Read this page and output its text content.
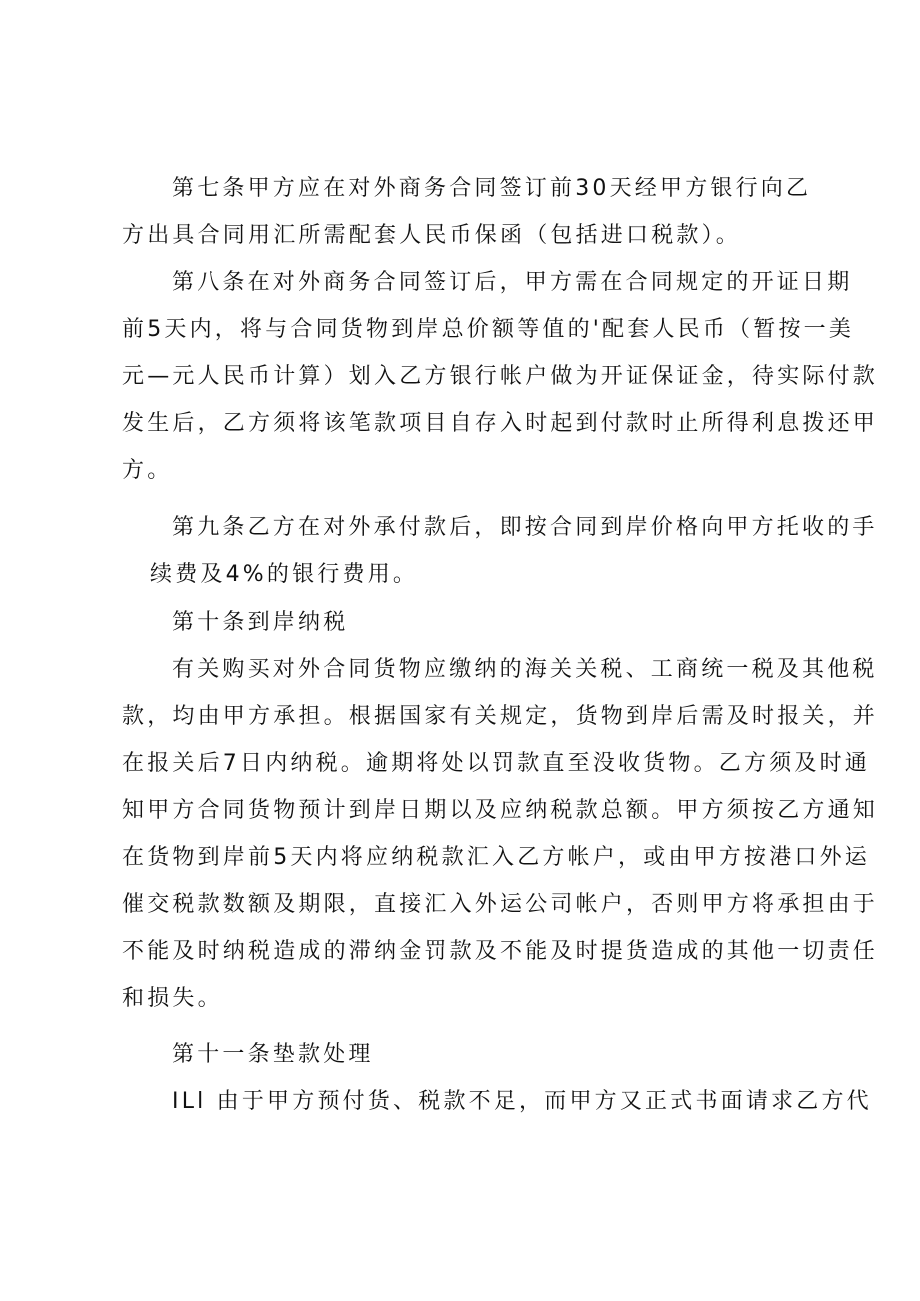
第七条甲方应在对外商务合同签订前30天经甲方银行向乙
方出具合同用汇所需配套人民币保函（包括进口税款）。
第八条在对外商务合同签订后，甲方需在合同规定的开证日期
前5天内，将与合同货物到岸总价额等值的'配套人民币（暂按一美
元—元人民币计算）划入乙方银行帐户做为开证保证金，待实际付款
发生后，乙方须将该笔款项目自存入时起到付款时止所得利息拨还甲
方。
第九条乙方在对外承付款后，即按合同到岸价格向甲方托收的手
续费及4%的银行费用。
第十条到岸纳税
有关购买对外合同货物应缴纳的海关关税、工商统一税及其他税
款，均由甲方承担。根据国家有关规定，货物到岸后需及时报关，并
在报关后7日内纳税。逾期将处以罚款直至没收货物。乙方须及时通
知甲方合同货物预计到岸日期以及应纳税款总额。甲方须按乙方通知
在货物到岸前5天内将应纳税款汇入乙方帐户，或由甲方按港口外运
催交税款数额及期限，直接汇入外运公司帐户，否则甲方将承担由于
不能及时纳税造成的滞纳金罚款及不能及时提货造成的其他一切责任
和损失。
第十一条垫款处理
ILl 由于甲方预付货、税款不足，而甲方又正式书面请求乙方代
